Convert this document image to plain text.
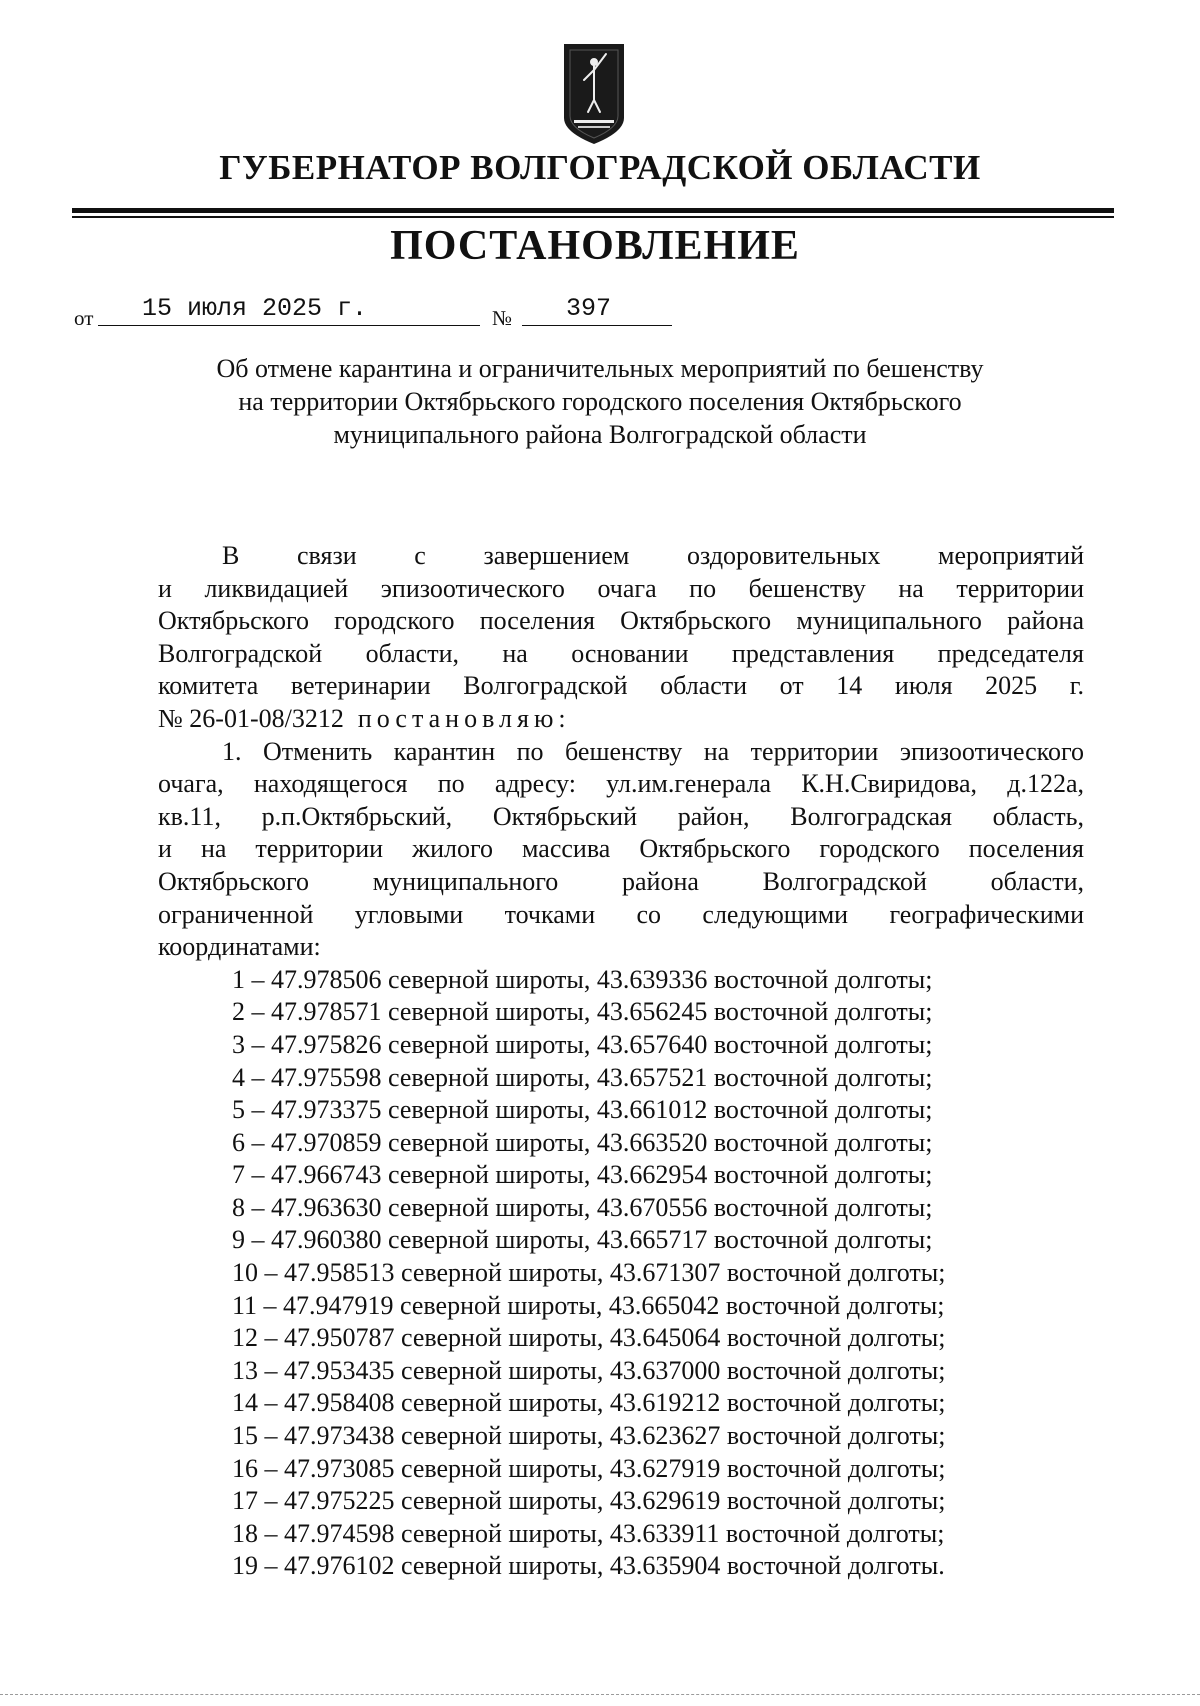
ГУБЕРНАТОР ВОЛГОГРАДСКОЙ ОБЛАСТИ
ПОСТАНОВЛЕНИЕ
от	15 июля 2025 г.	№	397
Об отмене карантина и ограничительных мероприятий по бешенству
на территории Октябрьского городского поселения Октябрьского
муниципального района Волгоградской области

В связи с завершением оздоровительных мероприятий

и ликвидацией эпизоотического очага по бешенству на территории

Октябрьского городского поселения Октябрьского муниципального района

Волгоградской области, на основании представления председателя

комитета ветеринарии Волгоградской области от 14 июля 2025 г.

№ 26-01-08/3212 постановляю:

1. Отменить карантин по бешенству на территории эпизоотического

очага, находящегося по адресу: ул.им.генерала К.Н.Свиридова, д.122а,

кв.11, р.п.Октябрьский, Октябрьский район, Волгоградская область,

и на территории жилого массива Октябрьского городского поселения

Октябрьского муниципального района Волгоградской области,

ограниченной угловыми точками со следующими географическими

координатами:

1 – 47.978506 северной широты, 43.639336 восточной долготы;
2 – 47.978571 северной широты, 43.656245 восточной долготы;
3 – 47.975826 северной широты, 43.657640 восточной долготы;
4 – 47.975598 северной широты, 43.657521 восточной долготы;
5 – 47.973375 северной широты, 43.661012 восточной долготы;
6 – 47.970859 северной широты, 43.663520 восточной долготы;
7 – 47.966743 северной широты, 43.662954 восточной долготы;
8 – 47.963630 северной широты, 43.670556 восточной долготы;
9 – 47.960380 северной широты, 43.665717 восточной долготы;
10 – 47.958513 северной широты, 43.671307 восточной долготы;
11 – 47.947919 северной широты, 43.665042 восточной долготы;
12 – 47.950787 северной широты, 43.645064 восточной долготы;
13 – 47.953435 северной широты, 43.637000 восточной долготы;
14 – 47.958408 северной широты, 43.619212 восточной долготы;
15 – 47.973438 северной широты, 43.623627 восточной долготы;
16 – 47.973085 северной широты, 43.627919 восточной долготы;
17 – 47.975225 северной широты, 43.629619 восточной долготы;
18 – 47.974598 северной широты, 43.633911 восточной долготы;
19 – 47.976102 северной широты, 43.635904 восточной долготы.
